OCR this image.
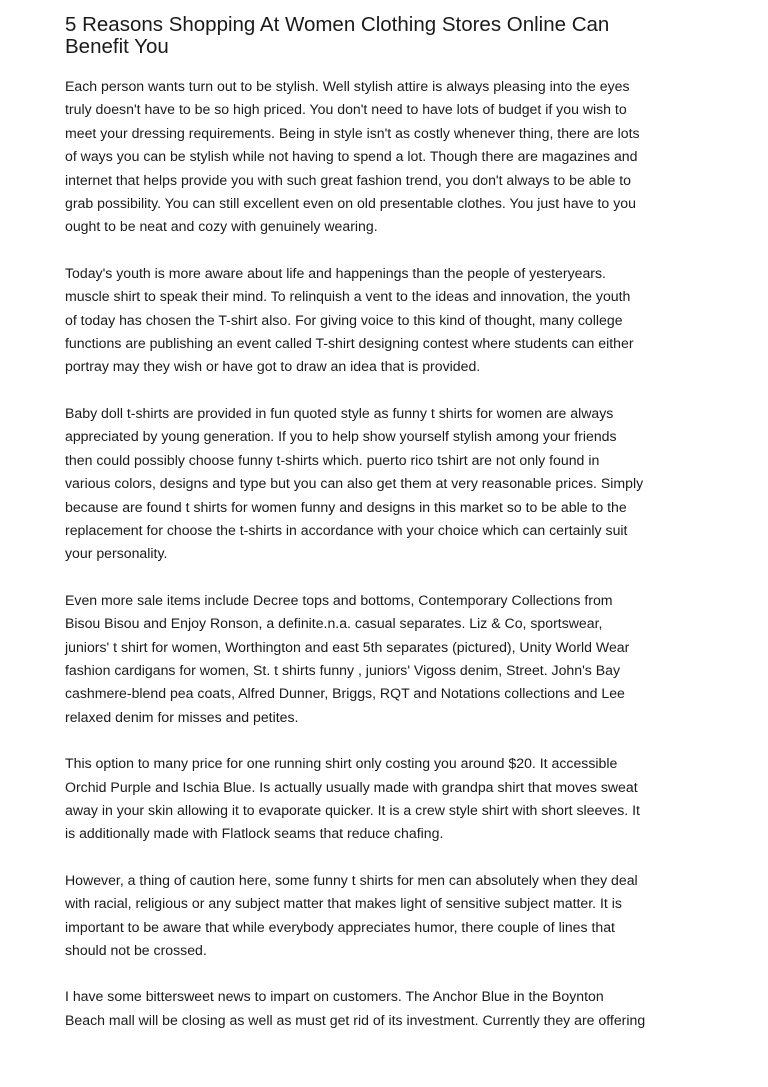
5 Reasons Shopping At Women Clothing Stores Online Can
Benefit You

Each person wants turn out to be stylish. Well stylish attire is always pleasing into the eyes
truly doesn't have to be so high priced. You don't need to have lots of budget if you wish to
meet your dressing requirements. Being in style isn't as costly whenever thing, there are lots
of ways you can be stylish while not having to spend a lot. Though there are magazines and
internet that helps provide you with such great fashion trend, you don't always to be able to
grab possibility. You can still excellent even on old presentable clothes. You just have to you
ought to be neat and cozy with genuinely wearing.

Today's youth is more aware about life and happenings than the people of yesteryears.
muscle shirt to speak their mind. To relinquish a vent to the ideas and innovation, the youth
of today has chosen the T-shirt also. For giving voice to this kind of thought, many college
functions are publishing an event called T-shirt designing contest where students can either
portray may they wish or have got to draw an idea that is provided.

Baby doll t-shirts are provided in fun quoted style as funny t shirts for women are always
appreciated by young generation. If you to help show yourself stylish among your friends
then could possibly choose funny t-shirts which. puerto rico tshirt are not only found in
various colors, designs and type but you can also get them at very reasonable prices. Simply
because are found t shirts for women funny and designs in this market so to be able to the
replacement for choose the t-shirts in accordance with your choice which can certainly suit
your personality.

Even more sale items include Decree tops and bottoms, Contemporary Collections from
Bisou Bisou and Enjoy Ronson, a definite.n.a. casual separates. Liz & Co, sportswear,
juniors' t shirt for women, Worthington and east 5th separates (pictured), Unity World Wear
fashion cardigans for women, St. t shirts funny , juniors' Vigoss denim, Street. John's Bay
cashmere-blend pea coats, Alfred Dunner, Briggs, RQT and Notations collections and Lee
relaxed denim for misses and petites.

This option to many price for one running shirt only costing you around $20. It accessible
Orchid Purple and Ischia Blue. Is actually usually made with grandpa shirt that moves sweat
away in your skin allowing it to evaporate quicker. It is a crew style shirt with short sleeves. It
is additionally made with Flatlock seams that reduce chafing.

However, a thing of caution here, some funny t shirts for men can absolutely when they deal
with racial, religious or any subject matter that makes light of sensitive subject matter. It is
important to be aware that while everybody appreciates humor, there couple of lines that
should not be crossed.

I have some bittersweet news to impart on customers. The Anchor Blue in the Boynton
Beach mall will be closing as well as must get rid of its investment. Currently they are offering
